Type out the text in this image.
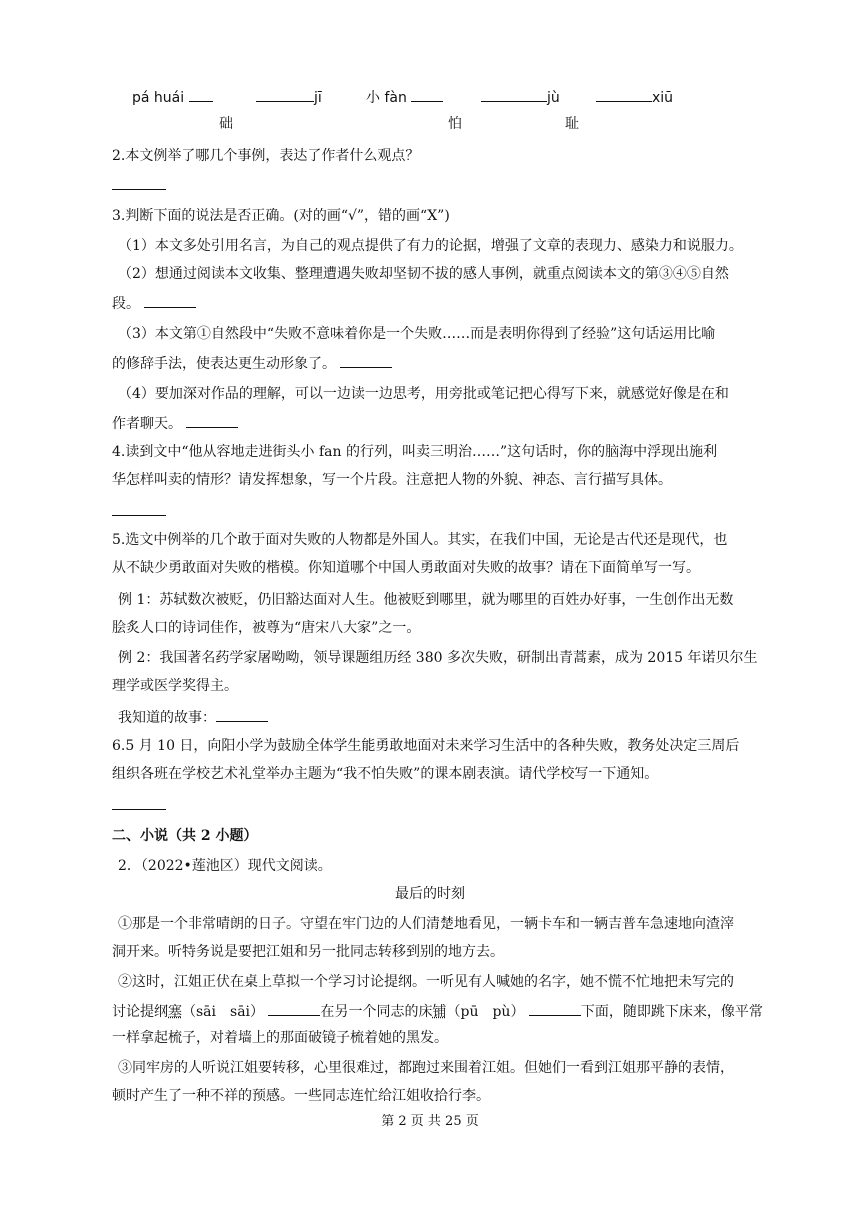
pá huái	jī	小 fàn	jù	xiū
础	怕	耻
2.本文例举了哪几个事例，表达了作者什么观点？
3.判断下面的说法是否正确。(对的画“√”，错的画“X”)
（1）本文多处引用名言，为自己的观点提供了有力的论据，增强了文章的表现力、感染力和说服力。
（2）想通过阅读本文收集、整理遭遇失败却坚韧不拔的感人事例，就重点阅读本文的第③④⑤自然
段。
（3）本文第①自然段中“失败不意味着你是一个失败……而是表明你得到了经验”这句话运用比喻
的修辞手法，使表达更生动形象了。
（4）要加深对作品的理解，可以一边读一边思考，用旁批或笔记把心得写下来，就感觉好像是在和
作者聊天。
4.读到文中“他从容地走进街头小 fan 的行列，叫卖三明治……”这句话时，你的脑海中浮现出施利
华怎样叫卖的情形？请发挥想象，写一个片段。注意把人物的外貌、神态、言行描写具体。
5.选文中例举的几个敢于面对失败的人物都是外国人。其实，在我们中国，无论是古代还是现代，也
从不缺少勇敢面对失败的楷模。你知道哪个中国人勇敢面对失败的故事？请在下面简单写一写。
例 1：苏轼数次被贬，仍旧豁达面对人生。他被贬到哪里，就为哪里的百姓办好事，一生创作出无数
脍炙人口的诗词佳作，被尊为“唐宋八大家”之一。
例 2：我国著名药学家屠呦呦，领导课题组历经 380 多次失败，研制出青蒿素，成为 2015 年诺贝尔生
理学或医学奖得主。
我知道的故事：
6.5 月 10 日，向阳小学为鼓励全体学生能勇敢地面对未来学习生活中的各种失败，教务处决定三周后
组织各班在学校艺术礼堂举办主题为“我不怕失败”的课本剧表演。请代学校写一下通知。
二、小说（共 2 小题）
2．（2022•莲池区）现代文阅读。
最后的时刻
①那是一个非常晴朗的日子。守望在牢门边的人们清楚地看见，一辆卡车和一辆吉普车急速地向渣滓
洞开来。听特务说是要把江姐和另一批同志转移到别的地方去。
②这时，江姐正伏在桌上草拟一个学习讨论提纲。一听见有人喊她的名字，她不慌不忙地把未写完的
讨论提纲塞（sāi　sāi）	在另一个同志的床铺（pū　pù）	下面，随即跳下床来，像平常
一样拿起梳子，对着墙上的那面破镜子梳着她的黑发。
③同牢房的人听说江姐要转移，心里很难过，都跑过来围着江姐。但她们一看到江姐那平静的表情，
顿时产生了一种不祥的预感。一些同志连忙给江姐收拾行李。
第 2 页 共 25 页
